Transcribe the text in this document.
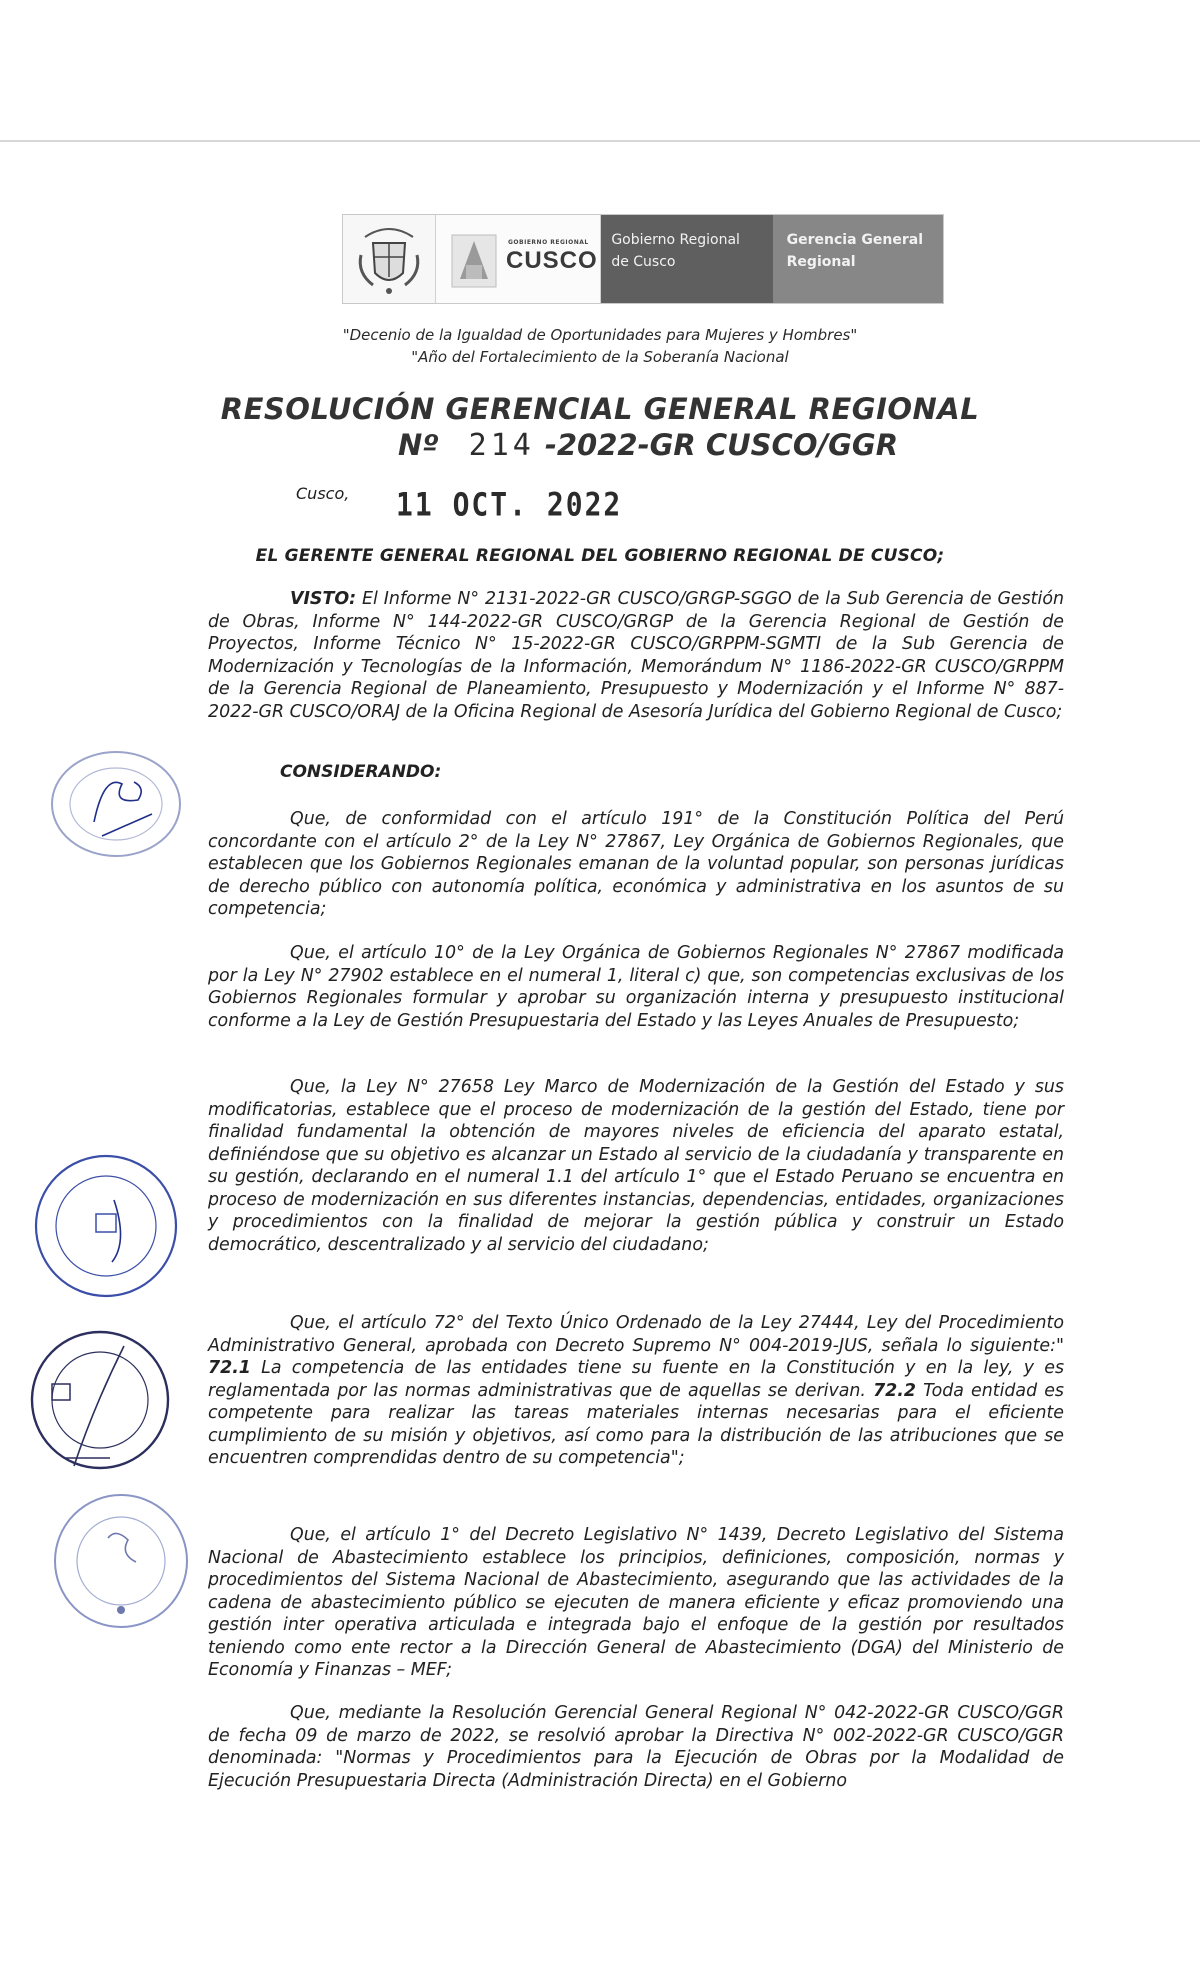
GOBIERNO REGIONAL
CUSCO
Gobierno Regional
de Cusco
Gerencia General
Regional
"Decenio de la Igualdad de Oportunidades para Mujeres y Hombres"
"Año del Fortalecimiento de la Soberanía Nacional
RESOLUCIÓN GERENCIAL GENERAL REGIONAL
Nº 214 -2022-GR CUSCO/GGR
Cusco, 11 OCT. 2022
EL GERENTE GENERAL REGIONAL DEL GOBIERNO REGIONAL DE CUSCO;
VISTO: El Informe N° 2131-2022-GR CUSCO/GRGP-SGGO de la Sub Gerencia de Gestión de Obras, Informe N° 144-2022-GR CUSCO/GRGP de la Gerencia Regional de Gestión de Proyectos, Informe Técnico N° 15-2022-GR CUSCO/GRPPM-SGMTI de la Sub Gerencia de Modernización y Tecnologías de la Información, Memorándum N° 1186-2022-GR CUSCO/GRPPM de la Gerencia Regional de Planeamiento, Presupuesto y Modernización y el Informe N° 887-2022-GR CUSCO/ORAJ de la Oficina Regional de Asesoría Jurídica del Gobierno Regional de Cusco;
CONSIDERANDO:
Que, de conformidad con el artículo 191° de la Constitución Política del Perú concordante con el artículo 2° de la Ley N° 27867, Ley Orgánica de Gobiernos Regionales, que establecen que los Gobiernos Regionales emanan de la voluntad popular, son personas jurídicas de derecho público con autonomía política, económica y administrativa en los asuntos de su competencia;
Que, el artículo 10° de la Ley Orgánica de Gobiernos Regionales N° 27867 modificada por la Ley N° 27902 establece en el numeral 1, literal c) que, son competencias exclusivas de los Gobiernos Regionales formular y aprobar su organización interna y presupuesto institucional conforme a la Ley de Gestión Presupuestaria del Estado y las Leyes Anuales de Presupuesto;
Que, la Ley N° 27658 Ley Marco de Modernización de la Gestión del Estado y sus modificatorias, establece que el proceso de modernización de la gestión del Estado, tiene por finalidad fundamental la obtención de mayores niveles de eficiencia del aparato estatal, definiéndose que su objetivo es alcanzar un Estado al servicio de la ciudadanía y transparente en su gestión, declarando en el numeral 1.1 del artículo 1° que el Estado Peruano se encuentra en proceso de modernización en sus diferentes instancias, dependencias, entidades, organizaciones y procedimientos con la finalidad de mejorar la gestión pública y construir un Estado democrático, descentralizado y al servicio del ciudadano;
Que, el artículo 72° del Texto Único Ordenado de la Ley 27444, Ley del Procedimiento Administrativo General, aprobada con Decreto Supremo N° 004-2019-JUS, señala lo siguiente:" 72.1 La competencia de las entidades tiene su fuente en la Constitución y en la ley, y es reglamentada por las normas administrativas que de aquellas se derivan. 72.2 Toda entidad es competente para realizar las tareas materiales internas necesarias para el eficiente cumplimiento de su misión y objetivos, así como para la distribución de las atribuciones que se encuentren comprendidas dentro de su competencia";
Que, el artículo 1° del Decreto Legislativo N° 1439, Decreto Legislativo del Sistema Nacional de Abastecimiento establece los principios, definiciones, composición, normas y procedimientos del Sistema Nacional de Abastecimiento, asegurando que las actividades de la cadena de abastecimiento público se ejecuten de manera eficiente y eficaz promoviendo una gestión inter operativa articulada e integrada bajo el enfoque de la gestión por resultados teniendo como ente rector a la Dirección General de Abastecimiento (DGA) del Ministerio de Economía y Finanzas – MEF;
Que, mediante la Resolución Gerencial General Regional N° 042-2022-GR CUSCO/GGR de fecha 09 de marzo de 2022, se resolvió aprobar la Directiva N° 002-2022-GR CUSCO/GGR denominada: "Normas y Procedimientos para la Ejecución de Obras por la Modalidad de Ejecución Presupuestaria Directa (Administración Directa) en el Gobierno
